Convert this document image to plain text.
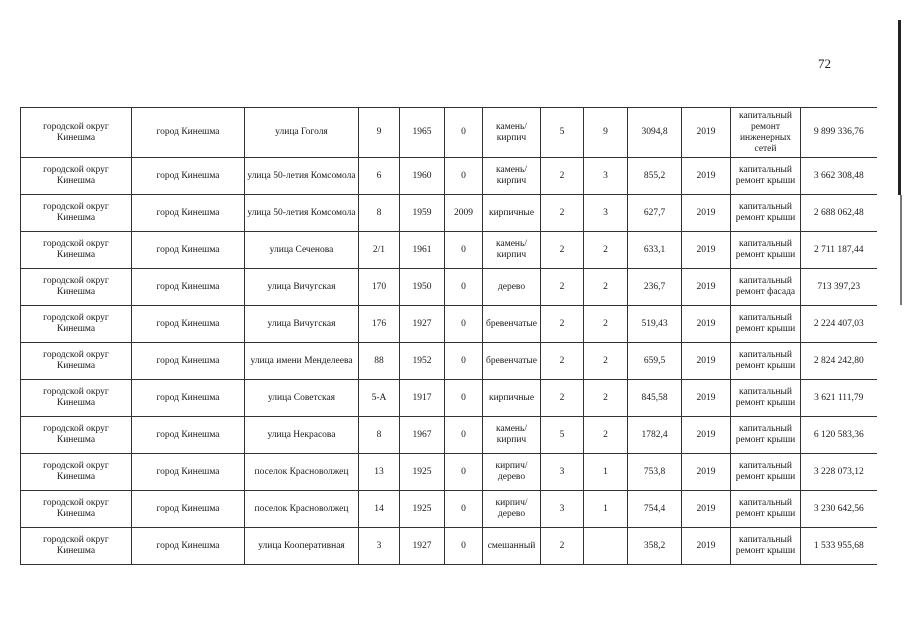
72
городской округ Кинешма	город Кинешма	улица Гоголя	9	1965	0	камень/кирпич	5	9	3094,8	2019	капитальный ремонт инженерных сетей	9 899 336,76
городской округ Кинешма	город Кинешма	улица 50-летия Комсомола	6	1960	0	камень/кирпич	2	3	855,2	2019	капитальный ремонт крыши	3 662 308,48
городской округ Кинешма	город Кинешма	улица 50-летия Комсомола	8	1959	2009	кирпичные	2	3	627,7	2019	капитальный ремонт крыши	2 688 062,48
городской округ Кинешма	город Кинешма	улица Сеченова	2/1	1961	0	камень/кирпич	2	2	633,1	2019	капитальный ремонт крыши	2 711 187,44
городской округ Кинешма	город Кинешма	улица Вичугская	170	1950	0	дерево	2	2	236,7	2019	капитальный ремонт фасада	713 397,23
городской округ Кинешма	город Кинешма	улица Вичугская	176	1927	0	бревенчатые	2	2	519,43	2019	капитальный ремонт крыши	2 224 407,03
городской округ Кинешма	город Кинешма	улица имени Менделеева	88	1952	0	бревенчатые	2	2	659,5	2019	капитальный ремонт крыши	2 824 242,80
городской округ Кинешма	город Кинешма	улица Советская	5-А	1917	0	кирпичные	2	2	845,58	2019	капитальный ремонт крыши	3 621 111,79
городской округ Кинешма	город Кинешма	улица Некрасова	8	1967	0	камень/кирпич	5	2	1782,4	2019	капитальный ремонт крыши	6 120 583,36
городской округ Кинешма	город Кинешма	поселок Красноволжец	13	1925	0	кирпич/дерево	3	1	753,8	2019	капитальный ремонт крыши	3 228 073,12
городской округ Кинешма	город Кинешма	поселок Красноволжец	14	1925	0	кирпич/дерево	3	1	754,4	2019	капитальный ремонт крыши	3 230 642,56
городской округ Кинешма	город Кинешма	улица Кооперативная	3	1927	0	смешанный	2		358,2	2019	капитальный ремонт крыши	1 533 955,68
